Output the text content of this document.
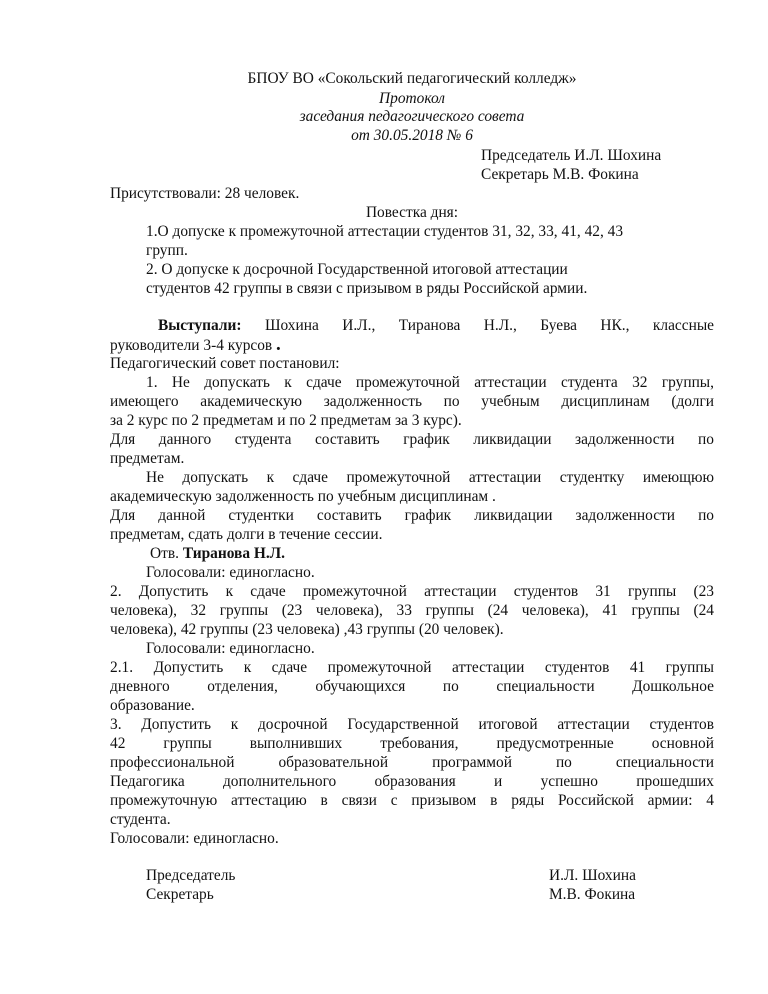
БПОУ ВО «Сокольский педагогический колледж»

Протокол

заседания педагогического совета

от 30.05.2018 № 6

Председатель И.Л. Шохина

Секретарь М.В. Фокина

Присутствовали: 28 человек.

Повестка дня:

1.О допуске к промежуточной аттестации студентов 31, 32, 33, 41, 42, 43

групп.

2. О допуске к досрочной Государственной итоговой аттестации

студентов 42 группы в связи с призывом в ряды Российской армии.

Выступали: Шохина И.Л., Тиранова Н.Л., Буева НК., классные

руководители 3-4 курсов .

Педагогический совет постановил:

1. Не допускать к сдаче промежуточной аттестации студента 32 группы,

имеющего академическую задолженность по учебным дисциплинам (долги

за 2 курс по 2 предметам и по 2 предметам за 3 курс).

Для данного студента составить график ликвидации задолженности по

предметам.

Не допускать к сдаче промежуточной аттестации студентку имеющюю

академическую задолженность по учебным дисциплинам .

Для данной студентки составить график ликвидации задолженности по

предметам, сдать долги в течение сессии.

Отв. Тиранова Н.Л.

Голосовали: единогласно.

2. Допустить к сдаче промежуточной аттестации студентов 31 группы (23

человека), 32 группы (23 человека), 33 группы (24 человека), 41 группы (24

человека), 42 группы (23 человека) ,43 группы (20 человек).

Голосовали: единогласно.

2.1. Допустить к сдаче промежуточной аттестации студентов 41 группы

дневного отделения, обучающихся по специальности Дошкольное

образование.

3. Допустить к досрочной Государственной итоговой аттестации студентов

42 группы выполнивших требования, предусмотренные основной

профессиональной образовательной программой по специальности

Педагогика дополнительного образования и успешно прошедших

промежуточную аттестацию в связи с призывом в ряды Российской армии: 4

студента.

Голосовали: единогласно.

Председатель	И.Л. Шохина

Секретарь	М.В. Фокина
